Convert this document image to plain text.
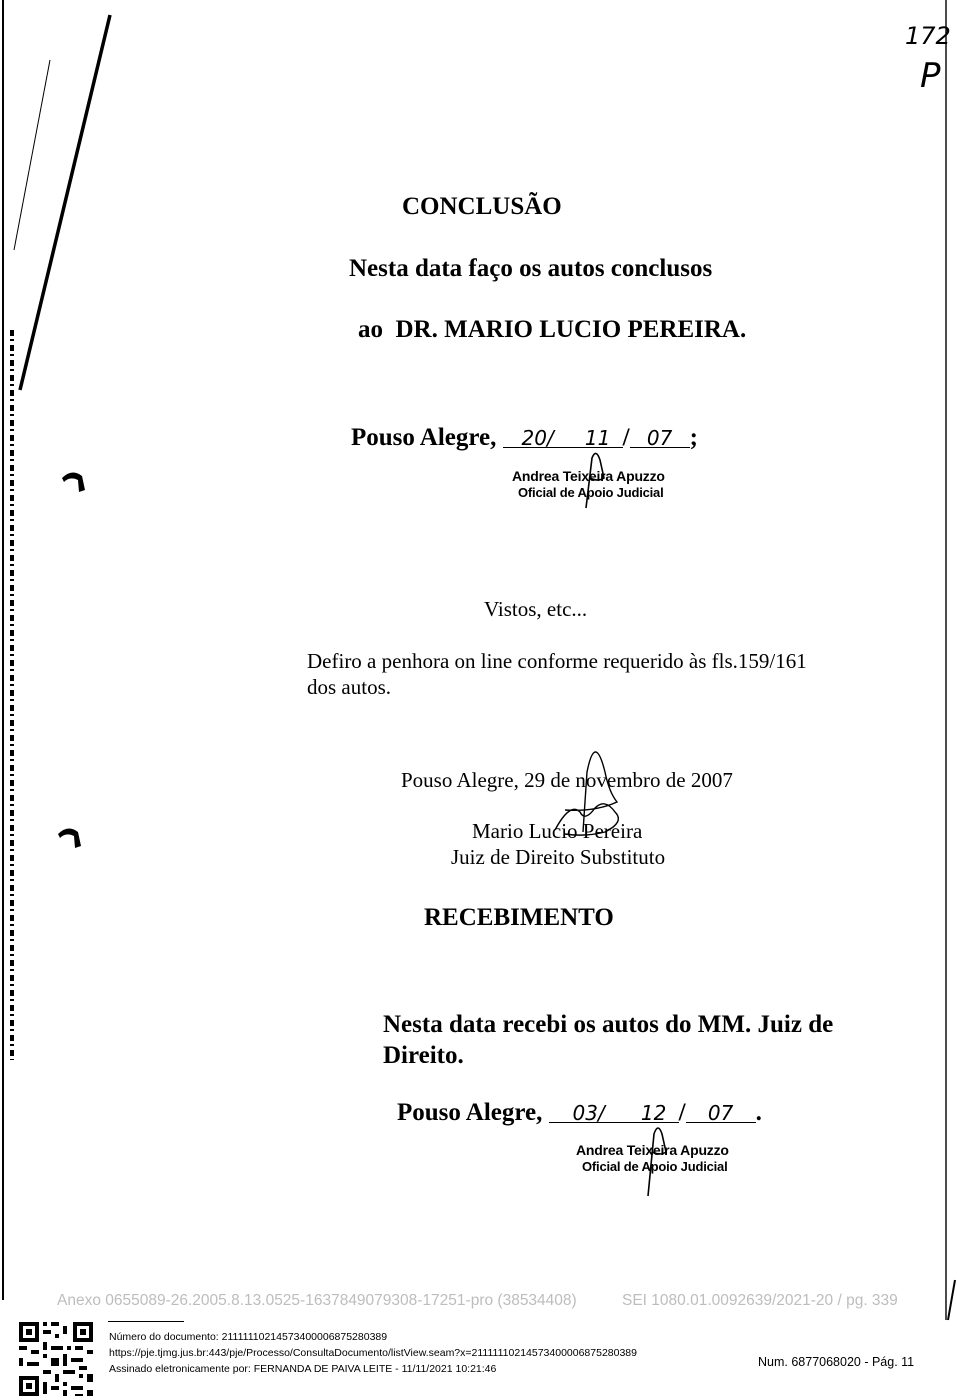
172
P
CONCLUSÃO
Nesta data faço os autos conclusos
ao  DR. MARIO LUCIO PEREIRA.
Pouso Alegre, 20/ 11 / 07 ;
Andrea Teixeira Apuzzo
Oficial de Apoio Judicial
Vistos, etc...
Defiro a penhora on line conforme requerido às fls.159/161
dos autos.
Pouso Alegre, 29 de novembro de 2007
Mario Lucio Pereira
Juiz de Direito Substituto
RECEBIMENTO
Nesta data recebi os autos do MM. Juiz de
Direito.
Pouso Alegre, 03/ 12 / 07 .
Andrea Teixeira Apuzzo
Oficial de Apoio Judicial
Anexo 0655089-26.2005.8.13.0525-1637849079308-17251-pro (38534408)	SEI 1080.01.0092639/2021-20 / pg. 339
Número do documento: 21111110214573400006875280389
https://pje.tjmg.jus.br:443/pje/Processo/ConsultaDocumento/listView.seam?x=21111110214573400006875280389
Assinado eletronicamente por: FERNANDA DE PAIVA LEITE - 11/11/2021 10:21:46	Num. 6877068020 - Pág. 11
